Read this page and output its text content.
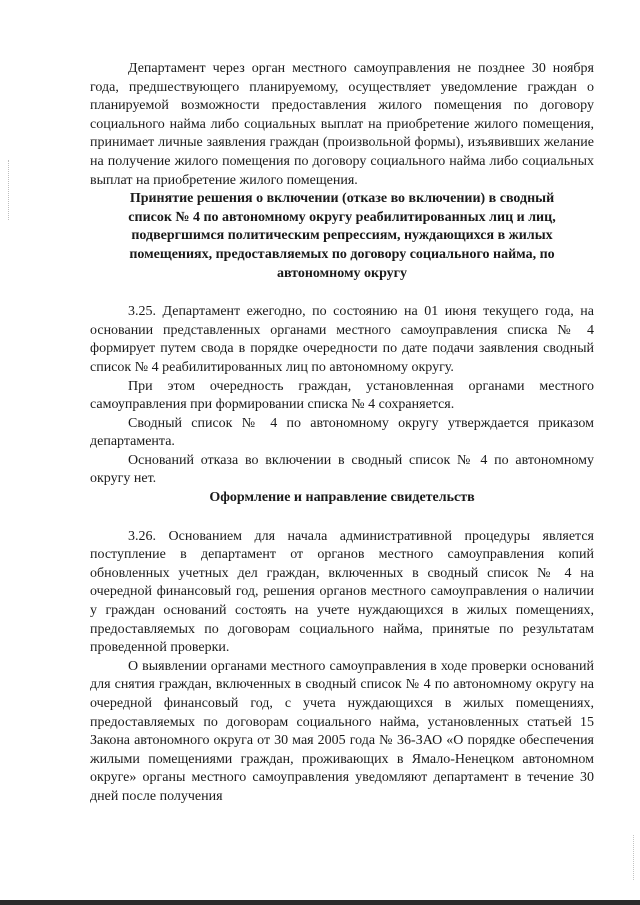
Департамент через орган местного самоуправления не позднее 30 ноября года, предшествующего планируемому, осуществляет уведомление граждан о планируемой возможности предоставления жилого помещения по договору социального найма либо социальных выплат на приобретение жилого помещения, принимает личные заявления граждан (произвольной формы), изъявивших желание на получение жилого помещения по договору социального найма либо социальных выплат на приобретение жилого помещения.

Принятие решения о включении (отказе во включении) в сводный список № 4 по автономному округу реабилитированных лиц и лиц, подвергшимся политическим репрессиям, нуждающихся в жилых помещениях, предоставляемых по договору социального найма, по автономному округу

3.25. Департамент ежегодно, по состоянию на 01 июня текущего года, на основании представленных органами местного самоуправления списка № 4 формирует путем свода в порядке очередности по дате подачи заявления сводный список № 4 реабилитированных лиц по автономному округу.

При этом очередность граждан, установленная органами местного самоуправления при формировании списка № 4 сохраняется.

Сводный список № 4 по автономному округу утверждается приказом департамента.

Оснований отказа во включении в сводный список № 4 по автономному округу нет.

Оформление и направление свидетельств

3.26. Основанием для начала административной процедуры является поступление в департамент от органов местного самоуправления копий обновленных учетных дел граждан, включенных в сводный список № 4 на очередной финансовый год, решения органов местного самоуправления о наличии у граждан оснований состоять на учете нуждающихся в жилых помещениях, предоставляемых по договорам социального найма, принятые по результатам проведенной проверки.

О выявлении органами местного самоуправления в ходе проверки оснований для снятия граждан, включенных в сводный список № 4 по автономному округу на очередной финансовый год, с учета нуждающихся в жилых помещениях, предоставляемых по договорам социального найма, установленных статьей 15 Закона автономного округа от 30 мая 2005 года № 36-ЗАО «О порядке обеспечения жилыми помещениями граждан, проживающих в Ямало-Ненецком автономном округе» органы местного самоуправления уведомляют департамент в течение 30 дней после получения
